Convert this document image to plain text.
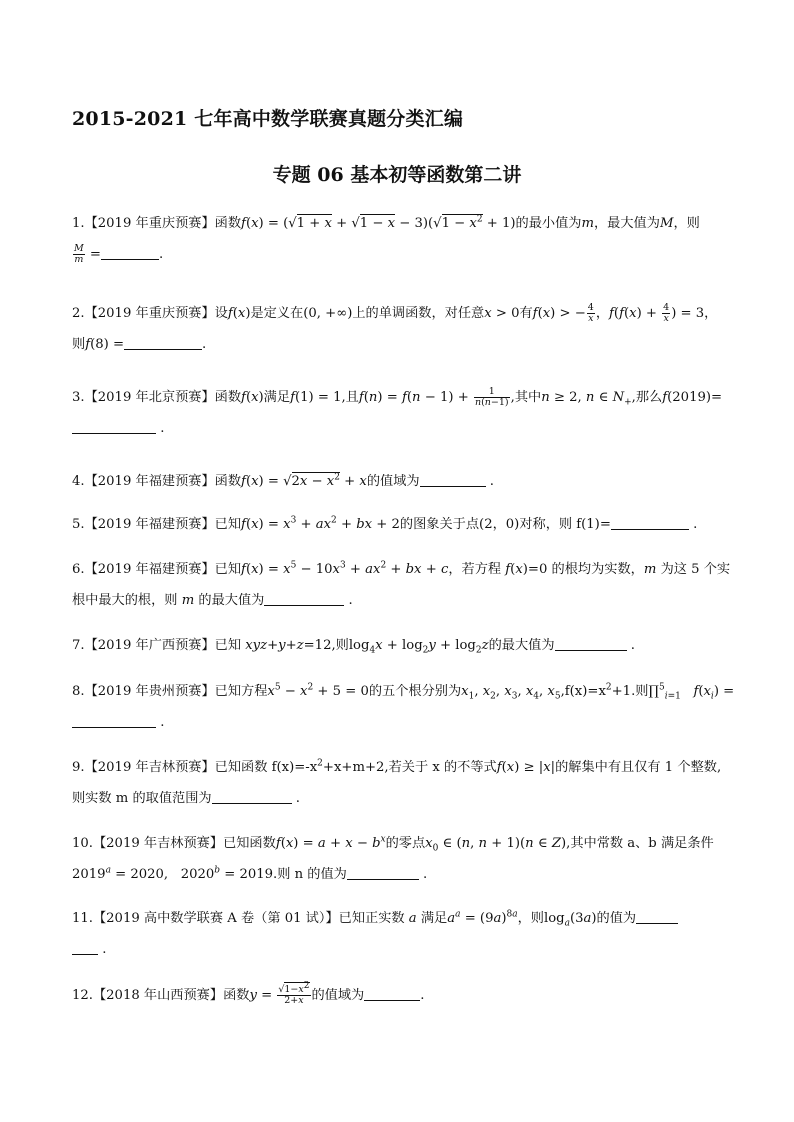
2015-2021 七年高中数学联赛真题分类汇编
专题 06 基本初等函数第二讲
1.【2019 年重庆预赛】函数$f(x) = (√1 + x + √1 - x - 3)(√1 - x^2 + 1)$的最小值为m，最大值为M，则
$\frac{M}{m}$ =	.
2.【2019 年重庆预赛】设f(x)是定义在(0, +∞)上的单调函数，对任意x > 0有f(x) > − $\frac{4}{x}$ ，$f(f(x) + \frac{4}{x}$ ) = 3，
则f(8) =	.
3.【2019 年北京预赛】函数f(x)满足f(1) = 1,且$f(n) = f(n - 1) + \frac{1}{n(n-1)}$ ,其中n ≥ 2, n ∈ $N_+$,那么f(2019)=
.
4.【2019 年福建预赛】函数$f(x) = √2x - x^2 + x$的值域为	.
5.【2019 年福建预赛】已知$f(x) = x^3 + ax^2$ + bx + 2的图象关于点(2，0)对称，则 f(1)=	.
6.【2019 年福建预赛】已知$f(x) = x^5 - 10x^3 + ax^2$ + bx + c，若方程 f(x)=0 的根均为实数，m 为这 5 个实
根中最大的根，则 m 的最大值为	.
7.【2019 年广西预赛】已知 xyz+y+z=12,则$\log_4x + \log_2y + \log_2z$的最大值为	.
8.【2019 年贵州预赛】已知方程$x^5 - x^2 + 5 = 0$的五个根分别为$x_1$, $x_2$, $x_3$, $x_4$, $x_5,f(x)=x^2+1$.则∏$^5_{i=1}$ $f(x_i)$ =
.
9.【2019 年吉林预赛】已知函数 $f(x)=-x^2+x+m+2$,若关于 x 的不等式f(x) ≥ |x|的解集中有且仅有 1 个整数,
则实数 m 的取值范围为	.
10.【2019 年吉林预赛】已知函数$f(x) = a + x - b^x$的零点$x_0$ ∈ (n, n + 1)(n ∈ Z),其中常数 a、b 满足条件
$2019^a = 2020$,   $2020^b = 2019$.则 n 的值为	.
11.【2019 高中数学联赛 A 卷（第 01 试）】已知正实数 a 满足$a^a = (9a)^{8a}$，则$\log_a(3a)$的值为
.
12.【2018 年山西预赛】函数$y = \frac{√1-x^2}{2+x}$ 的值域为	.
